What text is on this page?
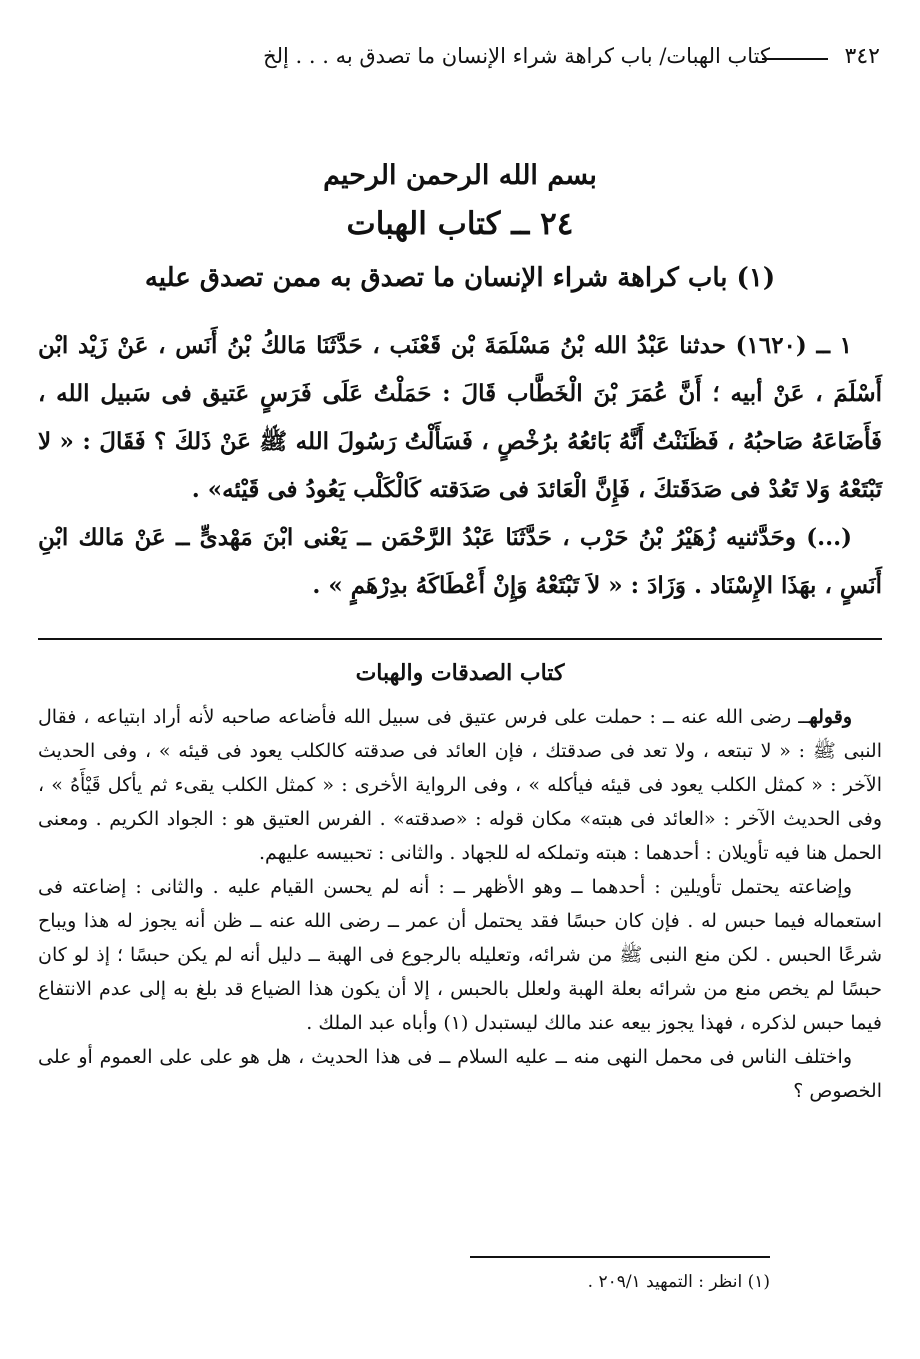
٣٤٢
كتاب الهبات/ باب كراهة شراء الإنسان ما تصدق به . . . إلخ
بسم الله الرحمن الرحيم
٢٤ ــ كتاب الهبات
(١) باب كراهة شراء الإنسان ما تصدق به ممن تصدق عليه

١ ــ (١٦٢٠) حدثنا عَبْدُ الله بْنُ مَسْلَمَةَ بْن قَعْنَب ، حَدَّثَنَا مَالكُ بْنُ أَنَس ، عَنْ زَيْد ابْن أَسْلَمَ ، عَنْ أبيه ؛ أَنَّ عُمَرَ بْنَ الْخَطَّاب قَالَ : حَمَلْتُ عَلَى فَرَسٍ عَتيق فى سَبيل الله ، فَأَضَاعَهُ صَاحبُهُ ، فَظَنَنْتُ أَنَّهُ بَائعُهُ برُخْصٍ ، فَسَأَلْتُ رَسُولَ الله ﷺ عَنْ ذَلكَ ؟ فَقَالَ : « لا تَبْتَعْهُ وَلا تَعُدْ فى صَدَقَتكَ ، فَإِنَّ الْعَائدَ فى صَدَقته كَالْكَلْب يَعُودُ فى قَيْئه» .

(...) وحَدَّثنيه زُهَيْرُ بْنُ حَرْب ، حَدَّثَنَا عَبْدُ الرَّحْمَن ــ يَعْنى ابْنَ مَهْدىٍّ ــ عَنْ مَالك ابْنِ أَنَسٍ ، بهَذَا الإِسْنَاد . وَزَادَ : « لاَ تَبْتَعْهُ وَإِنْ أَعْطَاكَهُ بدِرْهَمٍ » .

كتاب الصدقات والهبات

وقولهــ رضى الله عنه ــ : حملت على فرس عتيق فى سبيل الله فأضاعه صاحبه لأنه أراد ابتياعه ، فقال النبى ﷺ : « لا تبتعه ، ولا تعد فى صدقتك ، فإن العائد فى صدقته كالكلب يعود فى قيئه » ، وفى الحديث الآخر : « كمثل الكلب يعود فى قيئه فيأكله » ، وفى الرواية الأخرى : « كمثل الكلب يقىء ثم يأكل قَيْأَهُ » ، وفى الحديث الآخر : «العائد فى هبته» مكان قوله : «صدقته» . الفرس العتيق هو : الجواد الكريم . ومعنى الحمل هنا فيه تأويلان : أحدهما : هبته وتملكه له للجهاد . والثانى : تحبيسه عليهم.

وإضاعته يحتمل تأويلين : أحدهما ــ وهو الأظهر ــ : أنه لم يحسن القيام عليه . والثانى : إضاعته فى استعماله فيما حبس له . فإن كان حبسًا فقد يحتمل أن عمر ــ رضى الله عنه ــ ظن أنه يجوز له هذا ويباح شرعًا الحبس . لكن منع النبى ﷺ من شرائه، وتعليله بالرجوع فى الهبة ــ دليل أنه لم يكن حبسًا ؛ إذ لو كان حبسًا لم يخص منع من شرائه بعلة الهبة ولعلل بالحبس ، إلا أن يكون هذا الضياع قد بلغ به إلى عدم الانتفاع فيما حبس لذكره ، فهذا يجوز بيعه عند مالك ليستبدل (١) وأباه عبد الملك .

واختلف الناس فى محمل النهى منه ــ عليه السلام ــ فى هذا الحديث ، هل هو على على العموم أو على الخصوص ؟

(١) انظر : التمهيد ٢٠٩/١ .
